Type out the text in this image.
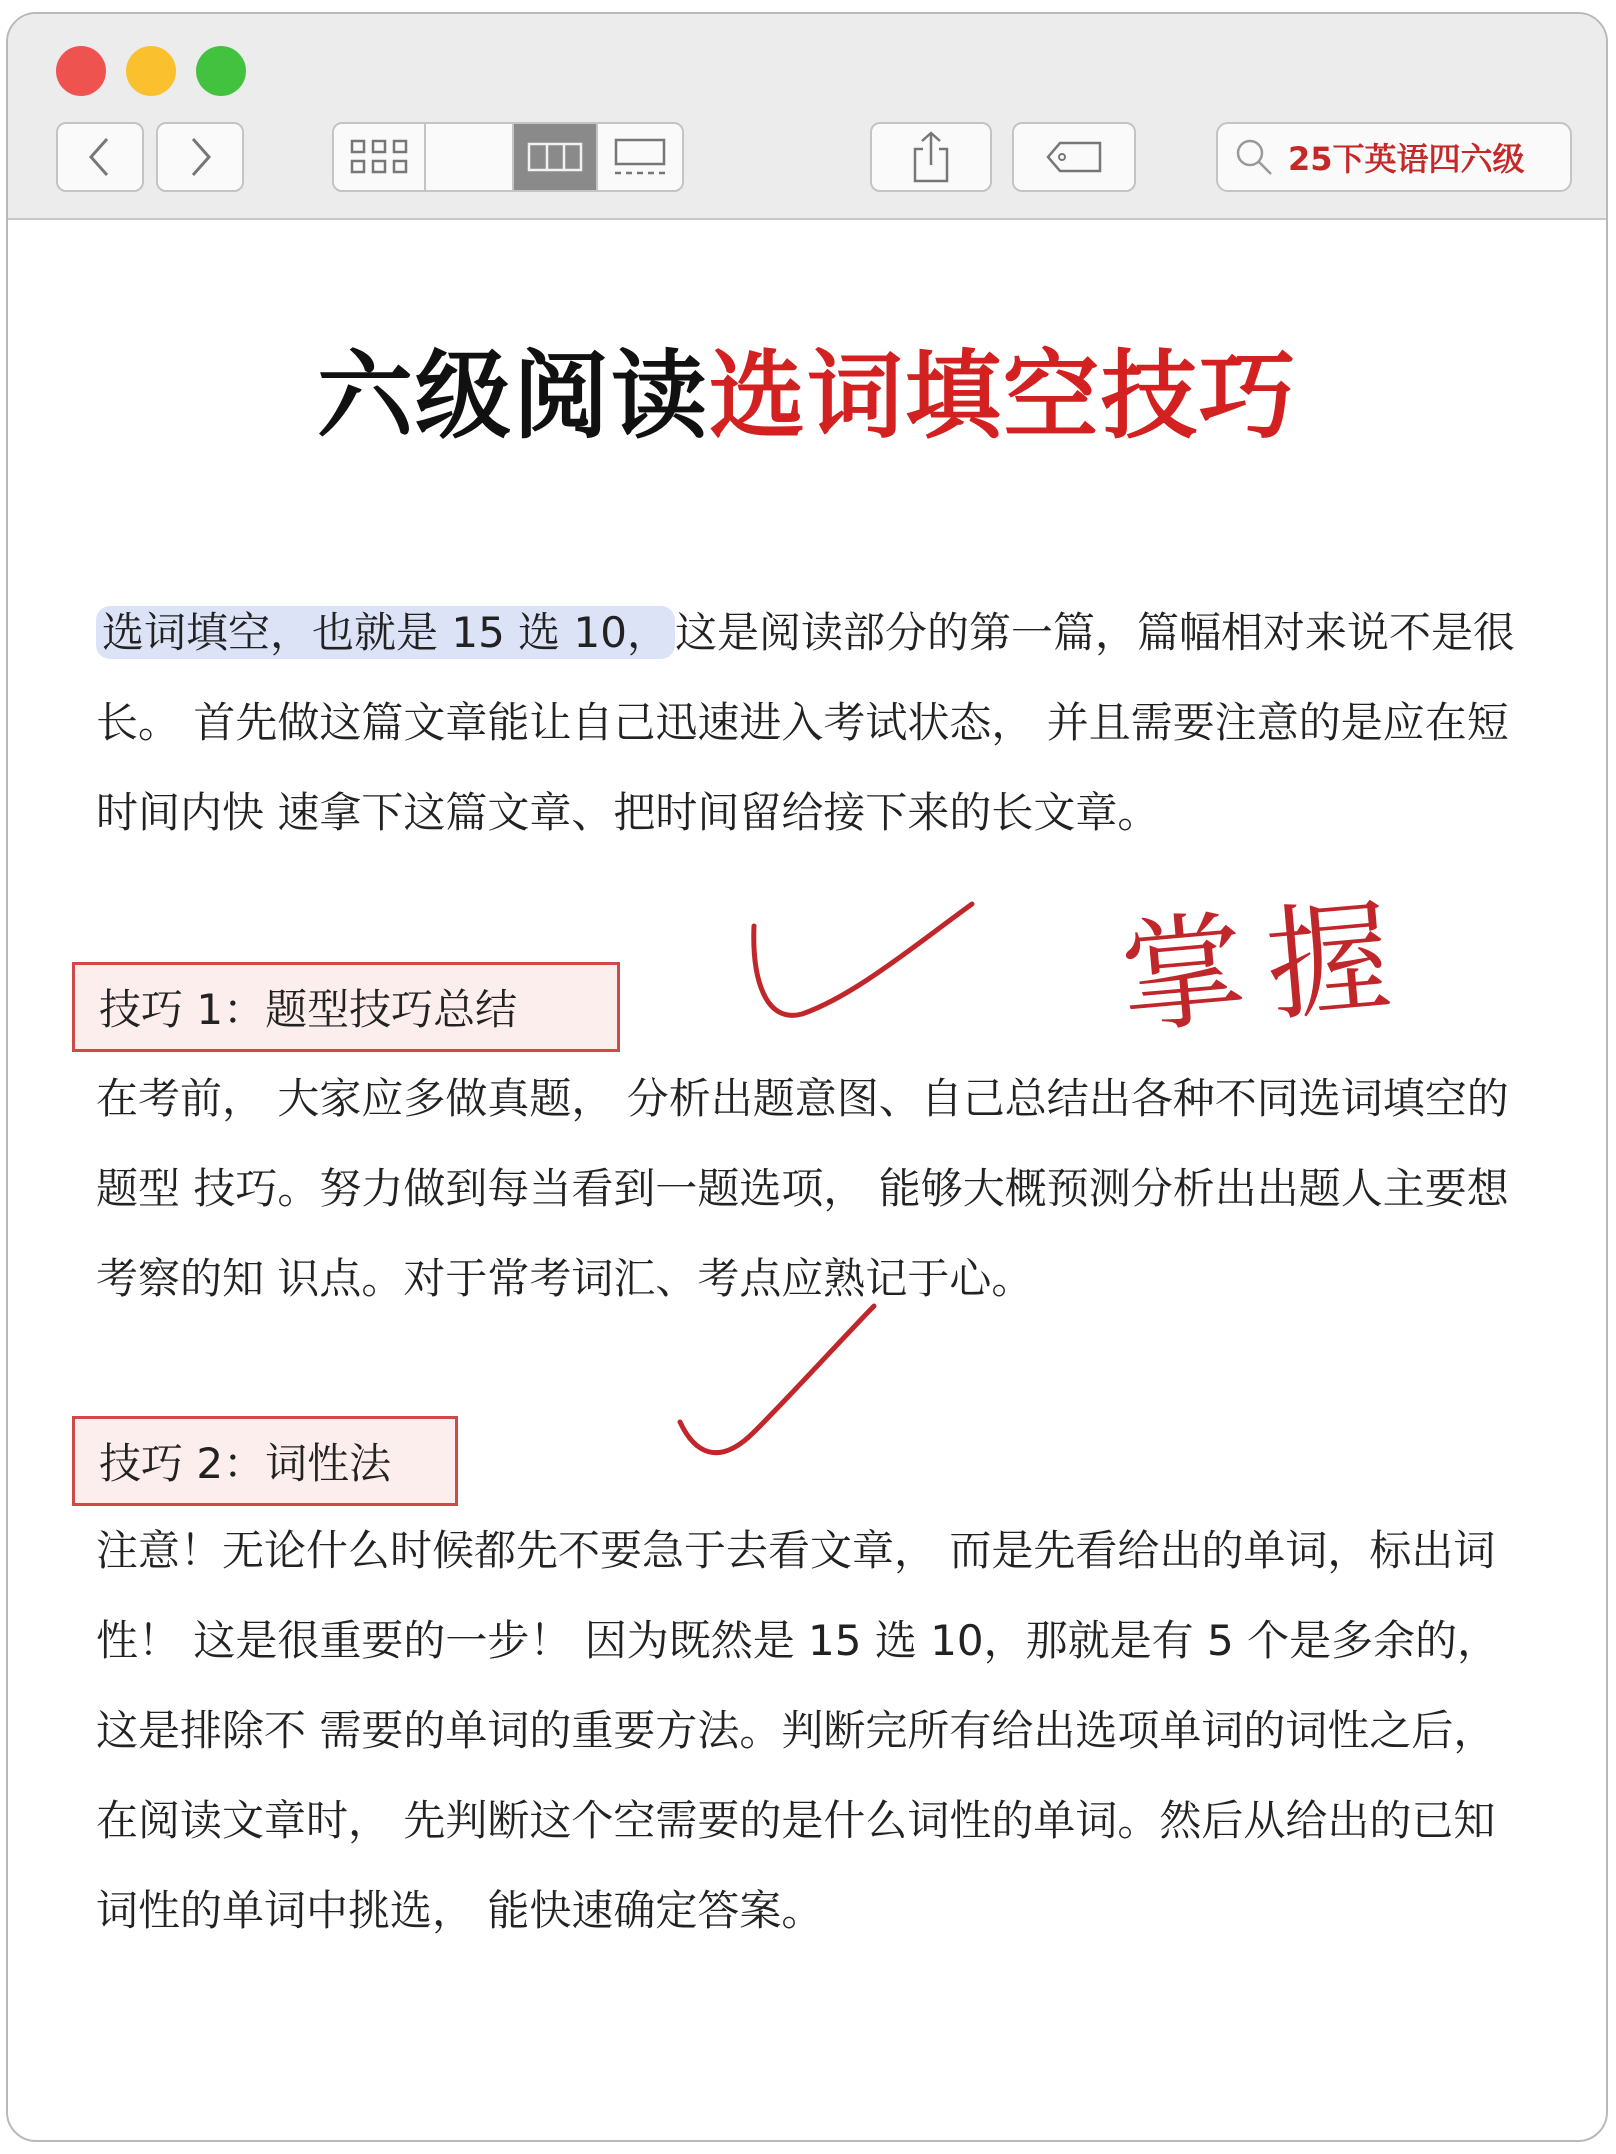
25下英语四六级
六级阅读选词填空技巧

选词填空，也就是 15 选 10， 这是阅读部分的第一篇，篇幅相对来说不是很长。 首先做这篇文章能让自己迅速进入考试状态， 并且需要注意的是应在短时间内快 速拿下这篇文章、把时间留给接下来的长文章。

掌握
技巧 1：题型技巧总结

在考前， 大家应多做真题， 分析出题意图、自己总结出各种不同选词填空的题型 技巧。努力做到每当看到一题选项， 能够大概预测分析出出题人主要想考察的知 识点。对于常考词汇、考点应熟记于心。

技巧 2：词性法

注意！无论什么时候都先不要急于去看文章， 而是先看给出的单词，标出词性！ 这是很重要的一步！ 因为既然是 15 选 10，那就是有 5 个是多余的， 这是排除不 需要的单词的重要方法。判断完所有给出选项单词的词性之后，在阅读文章时， 先判断这个空需要的是什么词性的单词。然后从给出的已知词性的单词中挑选， 能快速确定答案。
